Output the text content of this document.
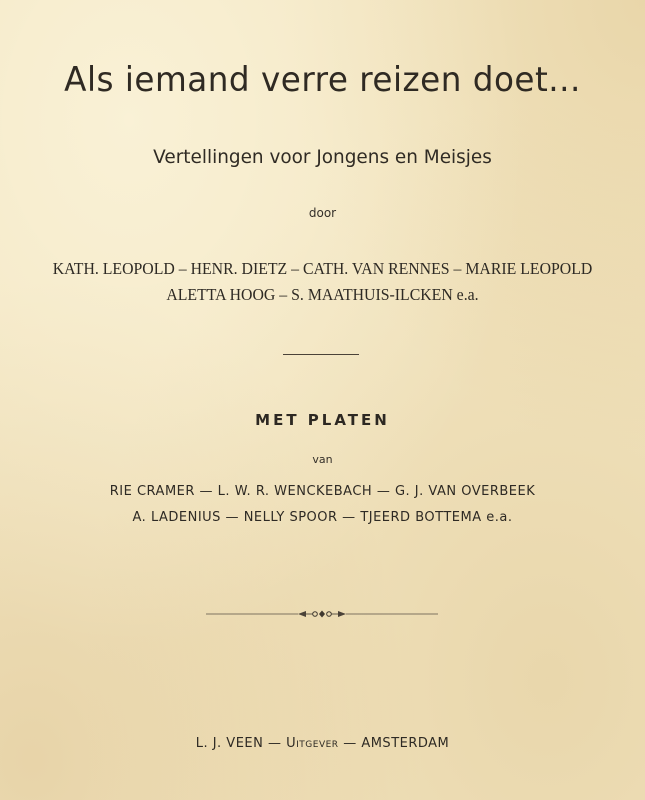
Als iemand verre reizen doet...
Vertellingen voor Jongens en Meisjes
door
KATH. LEOPOLD – HENR. DIETZ – CATH. VAN RENNES – MARIE LEOPOLD
ALETTA HOOG – S. MAATHUIS-ILCKEN e.a.
MET PLATEN
van
RIE CRAMER — L. W. R. WENCKEBACH — G. J. VAN OVERBEEK
A. LADENIUS — NELLY SPOOR — TJEERD BOTTEMA e.a.
L. J. VEEN — Uitgever — AMSTERDAM
